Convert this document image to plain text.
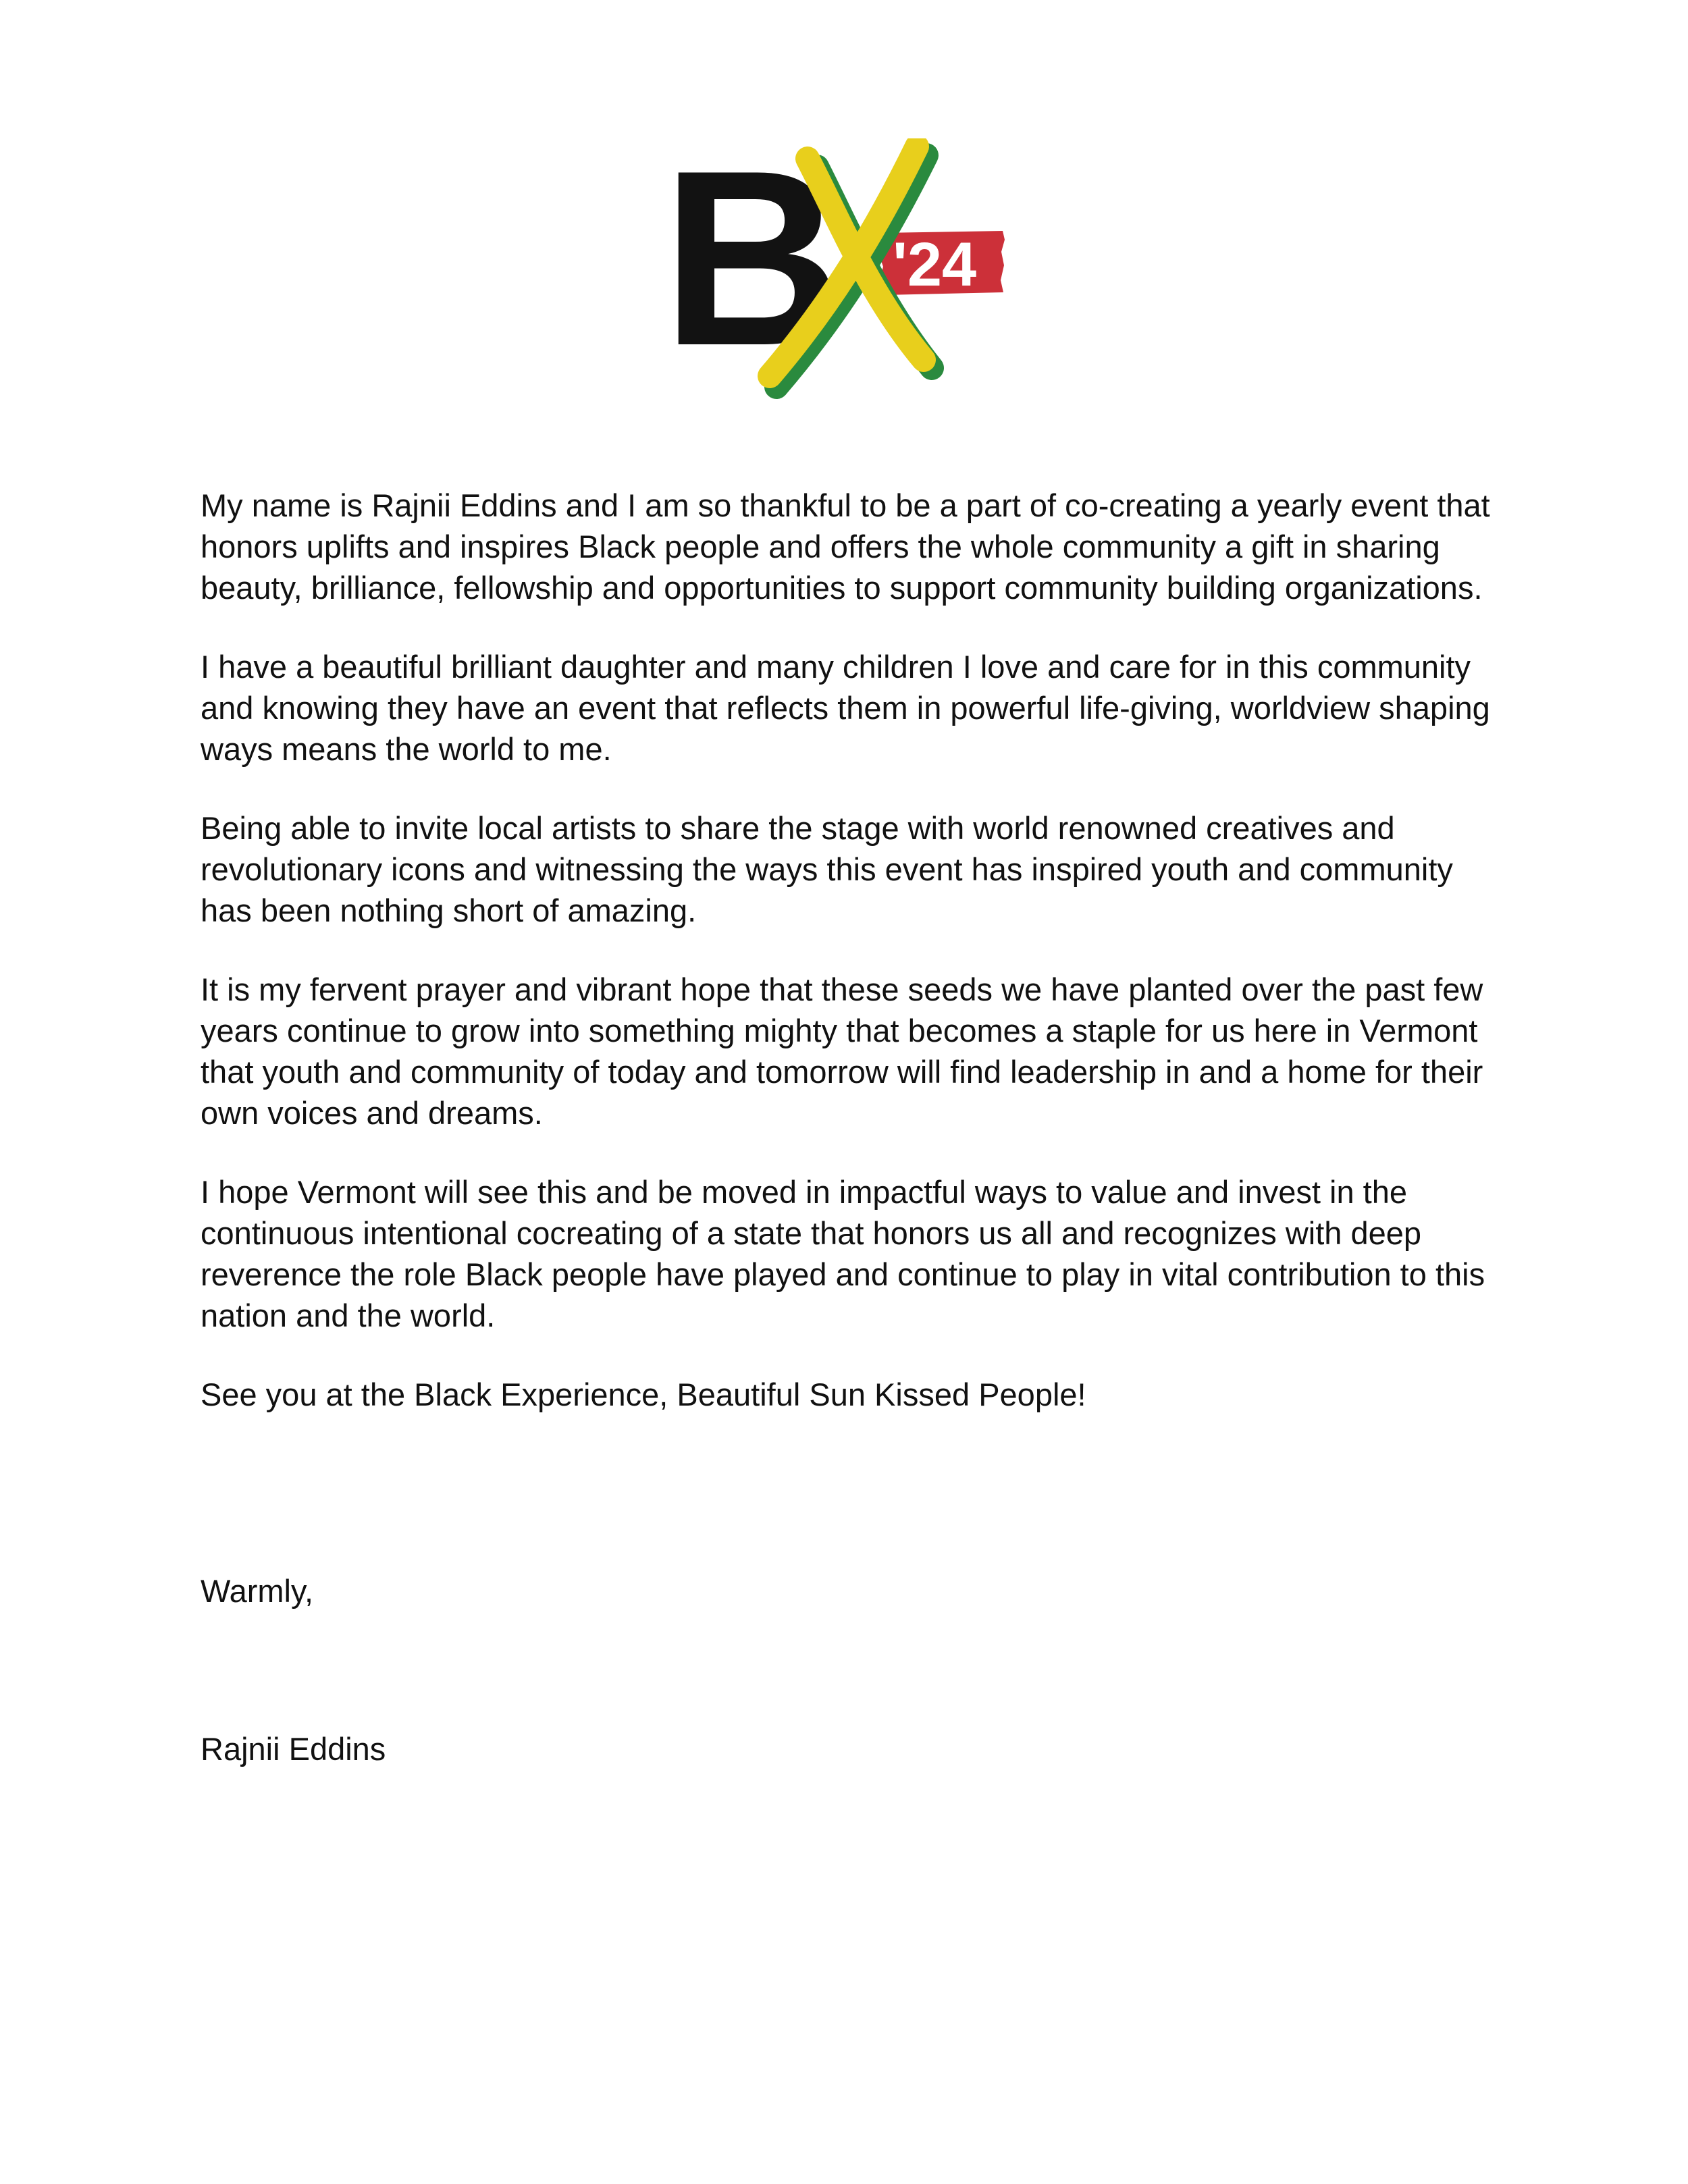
B '24

My name is Rajnii Eddins and I am so thankful to be a part of co-creating a yearly event that honors uplifts and inspires Black people and offers the whole community a gift in sharing beauty, brilliance, fellowship and opportunities to support community building organizations.

I have a beautiful brilliant daughter and many children I love and care for in this community and knowing they have an event that reflects them in powerful life-giving, worldview shaping ways means the world to me.

Being able to invite local artists to share the stage with world renowned creatives and revolutionary icons and witnessing the ways this event has inspired youth and community has been nothing short of amazing.

It is my fervent prayer and vibrant hope that these seeds we have planted over the past few years continue to grow into something mighty that becomes a staple for us here in Vermont that youth and community of today and tomorrow will find leadership in and a home for their own voices and dreams.

I hope Vermont will see this and be moved in impactful ways to value and invest in the continuous intentional cocreating of a state that honors us all and recognizes with deep reverence the role Black people have played and continue to play in vital contribution to this nation and the world.

See you at the Black Experience, Beautiful Sun Kissed People!

Warmly,

Rajnii Eddins
